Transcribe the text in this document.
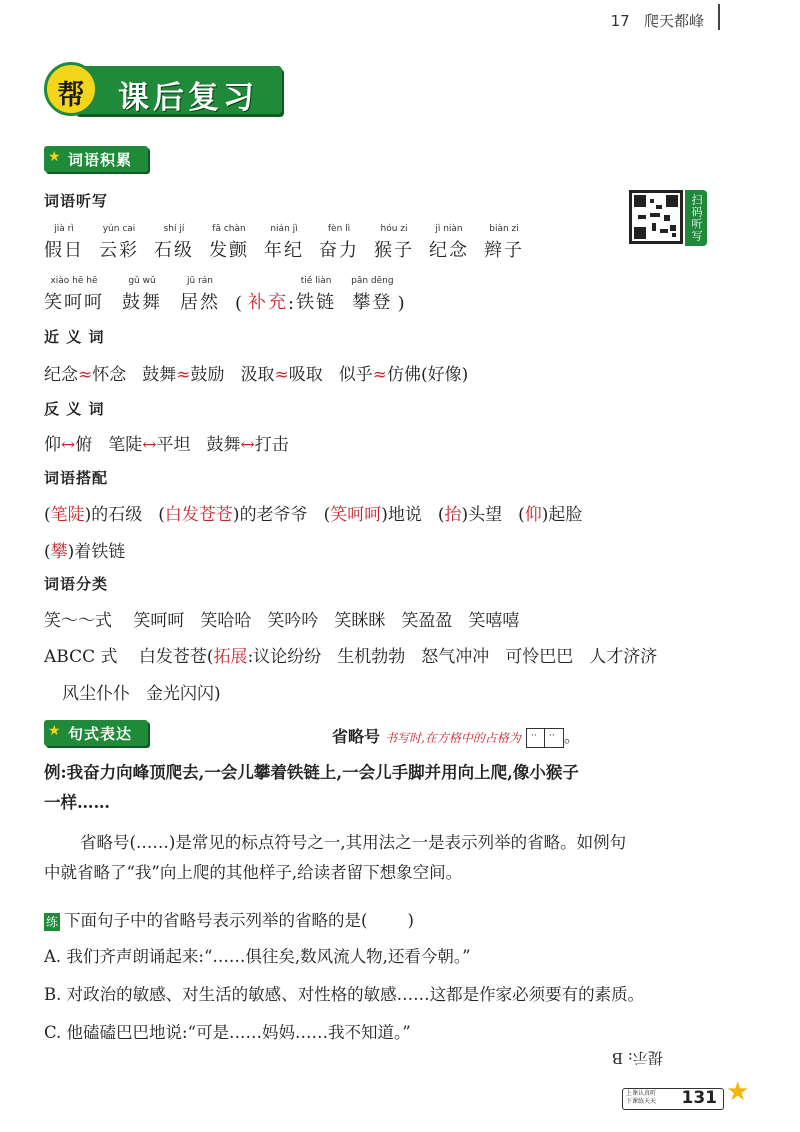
17 爬天都峰
课后复习
帮
★ 词语积累
扫码听写
词语听写
jià rì
假日
yún cai
云彩
shí jí
石级
fā chàn
发颤
nián jì
年纪
fèn lì
奋力
hóu zi
猴子
jì niàn
纪念
biàn zi
辫子
xiào hē hē
笑呵呵
gǔ wǔ
鼓舞
jū rán
居然 ( 补充 :
tiě liàn
铁链
pān dēng
攀登 )
近 义 词
纪念≈怀念 鼓舞≈鼓励 汲取≈吸取 似乎≈仿佛(好像)
反 义 词
仰↔俯 笔陡↔平坦 鼓舞↔打击
词语搭配
(笔陡)的石级 (白发苍苍)的老爷爷 (笑呵呵)地说 (抬)头望 (仰)起脸
(攀)着铁链
词语分类
笑～～式 笑呵呵 笑哈哈 笑吟吟 笑眯眯 笑盈盈 笑嘻嘻
ABCC 式 白发苍苍(拓展:议论纷纷 生机勃勃 怒气冲冲 可怜巴巴 人才济济
风尘仆仆 金光闪闪)
★ 句式表达	省略号 书写时,在方格中的占格为 ·· ·· 。
例:我奋力向峰顶爬去,一会儿攀着铁链上,一会儿手脚并用向上爬,像小猴子
一样……
省略号(……)是常见的标点符号之一,其用法之一是表示列举的省略。如例句
中就省略了“我”向上爬的其他样子,给读者留下想象空间。
练 下面句子中的省略号表示列举的省略的是( )
A. 我们齐声朗诵起来:“……俱往矣,数风流人物,还看今朝。”
B. 对政治的敏感、对生活的敏感、对性格的敏感……这都是作家必须要有的素质。
C. 他磕磕巴巴地说:“可是……妈妈……我不知道。”
提示: B
上课认真听
下课练天天	131 ★
